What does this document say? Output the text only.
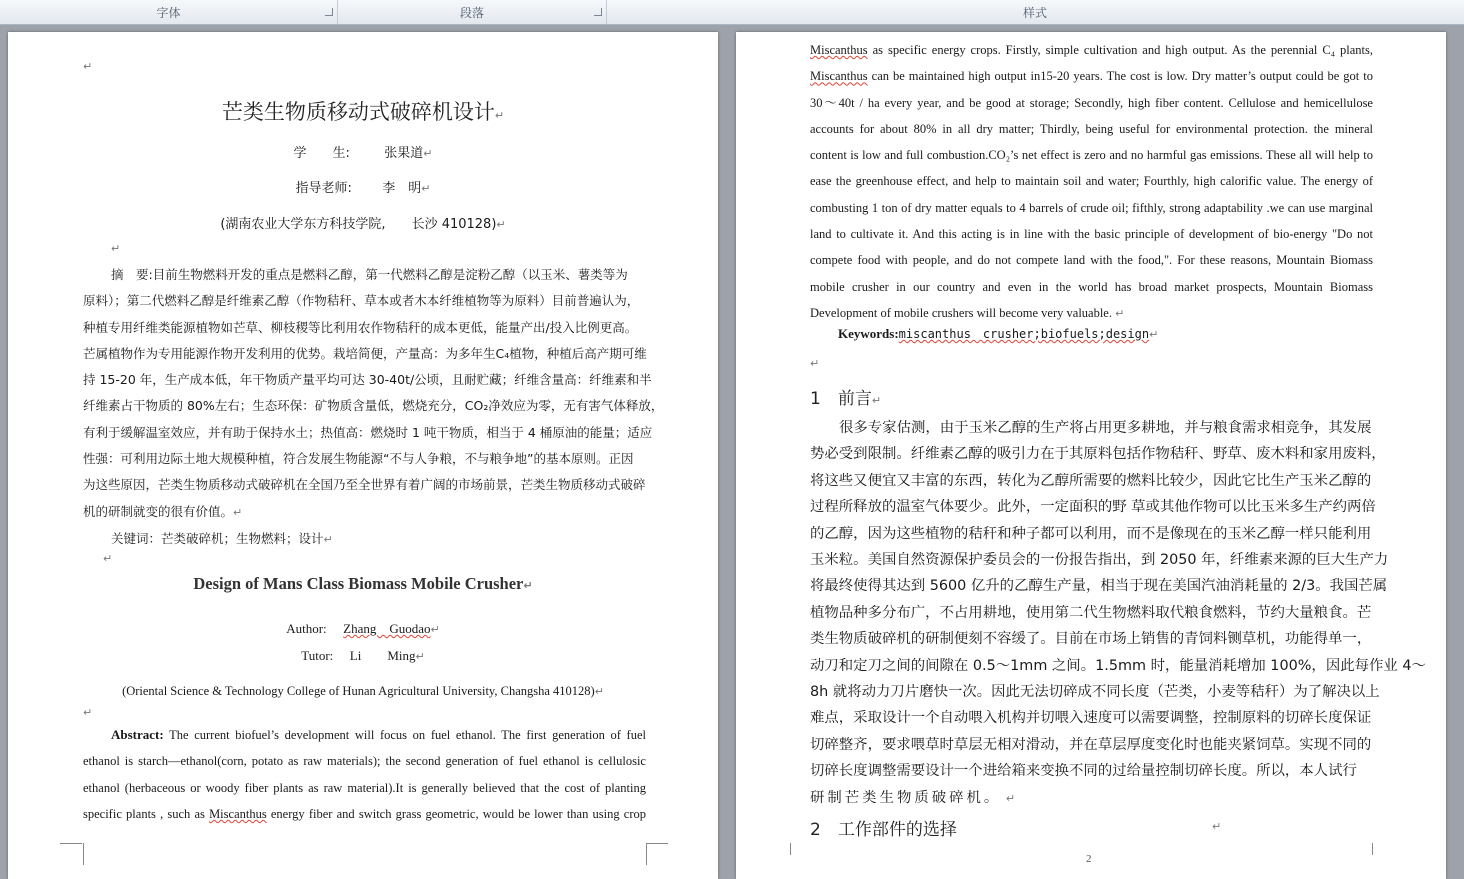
字体	段落	样式
↵
芒类生物质移动式破碎机设计↵
学　　生:	张果道↵
指导老师: 李　明↵
(湖南农业大学东方科技学院,　　长沙 410128)↵
↵
摘　要:目前生物燃料开发的重点是燃料乙醇，第一代燃料乙醇是淀粉乙醇（以玉米、薯类等为
原料）；第二代燃料乙醇是纤维素乙醇（作物秸秆、草本或者木本纤维植物等为原料）目前普遍认为，
种植专用纤维类能源植物如芒草、柳枝稷等比利用农作物秸秆的成本更低，能量产出/投入比例更高。
芒属植物作为专用能源作物开发利用的优势。栽培简便，产量高：为多年生C₄植物，种植后高产期可维
持 15-20 年，生产成本低，年干物质产量平均可达 30-40t/公顷，且耐贮藏；纤维含量高：纤维素和半
纤维素占干物质的 80%左右；生态环保：矿物质含量低，燃烧充分，CO₂净效应为零，无有害气体释放，
有利于缓解温室效应，并有助于保持水土；热值高：燃烧时 1 吨干物质，相当于 4 桶原油的能量；适应
性强：可利用边际土地大规模种植，符合发展生物能源“不与人争粮，不与粮争地”的基本原则。正因
为这些原因，芒类生物质移动式破碎机在全国乃至全世界有着广阔的市场前景，芒类生物质移动式破碎
机的研制就变的很有价值。↵
关键词：芒类破碎机；生物燃料；设计↵
↵
Design of Mans Class Biomass Mobile Crusher↵
Author: Zhang　Guodao↵
Tutor: Li　　Ming↵
(Oriental Science & Technology College of Hunan Agricultural University, Changsha 410128)↵
↵
Abstract: The current biofuel’s development will focus on fuel ethanol. The first generation of fuel
ethanol is starch—ethanol(corn, potato as raw materials); the second generation of fuel ethanol is cellulosic
ethanol (herbaceous or woody fiber plants as raw material).It is generally believed that the cost of planting
specific plants , such as Miscanthus energy fiber and switch grass geometric, would be lower than using crop
Miscanthus as specific energy crops. Firstly, simple cultivation and high output. As the perennial C₄ plants,
Miscanthus can be maintained high output in15-20 years. The cost is low. Dry matter’s output could be got to
30～40t / ha every year, and be good at storage; Secondly, high fiber content. Cellulose and hemicellulose
accounts for about 80% in all dry matter; Thirdly, being useful for environmental protection. the mineral
content is low and full combustion.CO₂’s net effect is zero and no harmful gas emissions. These all will help to
ease the greenhouse effect, and help to maintain soil and water; Fourthly, high calorific value. The energy of
combusting 1 ton of dry matter equals to 4 barrels of crude oil; fifthly, strong adaptability .we can use marginal
land to cultivate it. And this acting is in line with the basic principle of development of bio-energy "Do not
compete food with people, and do not compete land with the food,". For these reasons, Mountain Biomass
mobile crusher in our country and even in the world has broad market prospects, Mountain Biomass
Development of mobile crushers will become very valuable. ↵
Keywords:miscanthus　crusher;biofuels;design↵
↵
1　前言↵
很多专家估测，由于玉米乙醇的生产将占用更多耕地，并与粮食需求相竞争，其发展
势必受到限制。纤维素乙醇的吸引力在于其原料包括作物秸秆、野草、废木料和家用废料，
将这些又便宜又丰富的东西，转化为乙醇所需要的燃料比较少，因此它比生产玉米乙醇的
过程所释放的温室气体要少。此外，一定面积的野 草或其他作物可以比玉米多生产约两倍
的乙醇，因为这些植物的秸秆和种子都可以利用，而不是像现在的玉米乙醇一样只能利用
玉米粒。美国自然资源保护委员会的一份报告指出，到 2050 年，纤维素来源的巨大生产力
将最终使得其达到 5600 亿升的乙醇生产量，相当于现在美国汽油消耗量的 2/3。我国芒属
植物品种多分布广，不占用耕地，使用第二代生物燃料取代粮食燃料，节约大量粮食。芒
类生物质破碎机的研制便刻不容缓了。目前在市场上销售的青饲料铡草机，功能得单一，
动刀和定刀之间的间隙在 0.5～1mm 之间。1.5mm 时，能量消耗增加 100%，因此每作业 4～
8h 就将动力刀片磨快一次。因此无法切碎成不同长度（芒类，小麦等秸秆）为了解决以上
难点，采取设计一个自动喂入机构并切喂入速度可以需要调整，控制原料的切碎长度保证
切碎整齐，要求喂草时草层无相对滑动，并在草层厚度变化时也能夹紧饲草。实现不同的
切碎长度调整需要设计一个进给箱来变换不同的过给量控制切碎长度。所以，本人试行
研制芒类生物质破碎机。 ↵
2　工作部件的选择	↵
2
